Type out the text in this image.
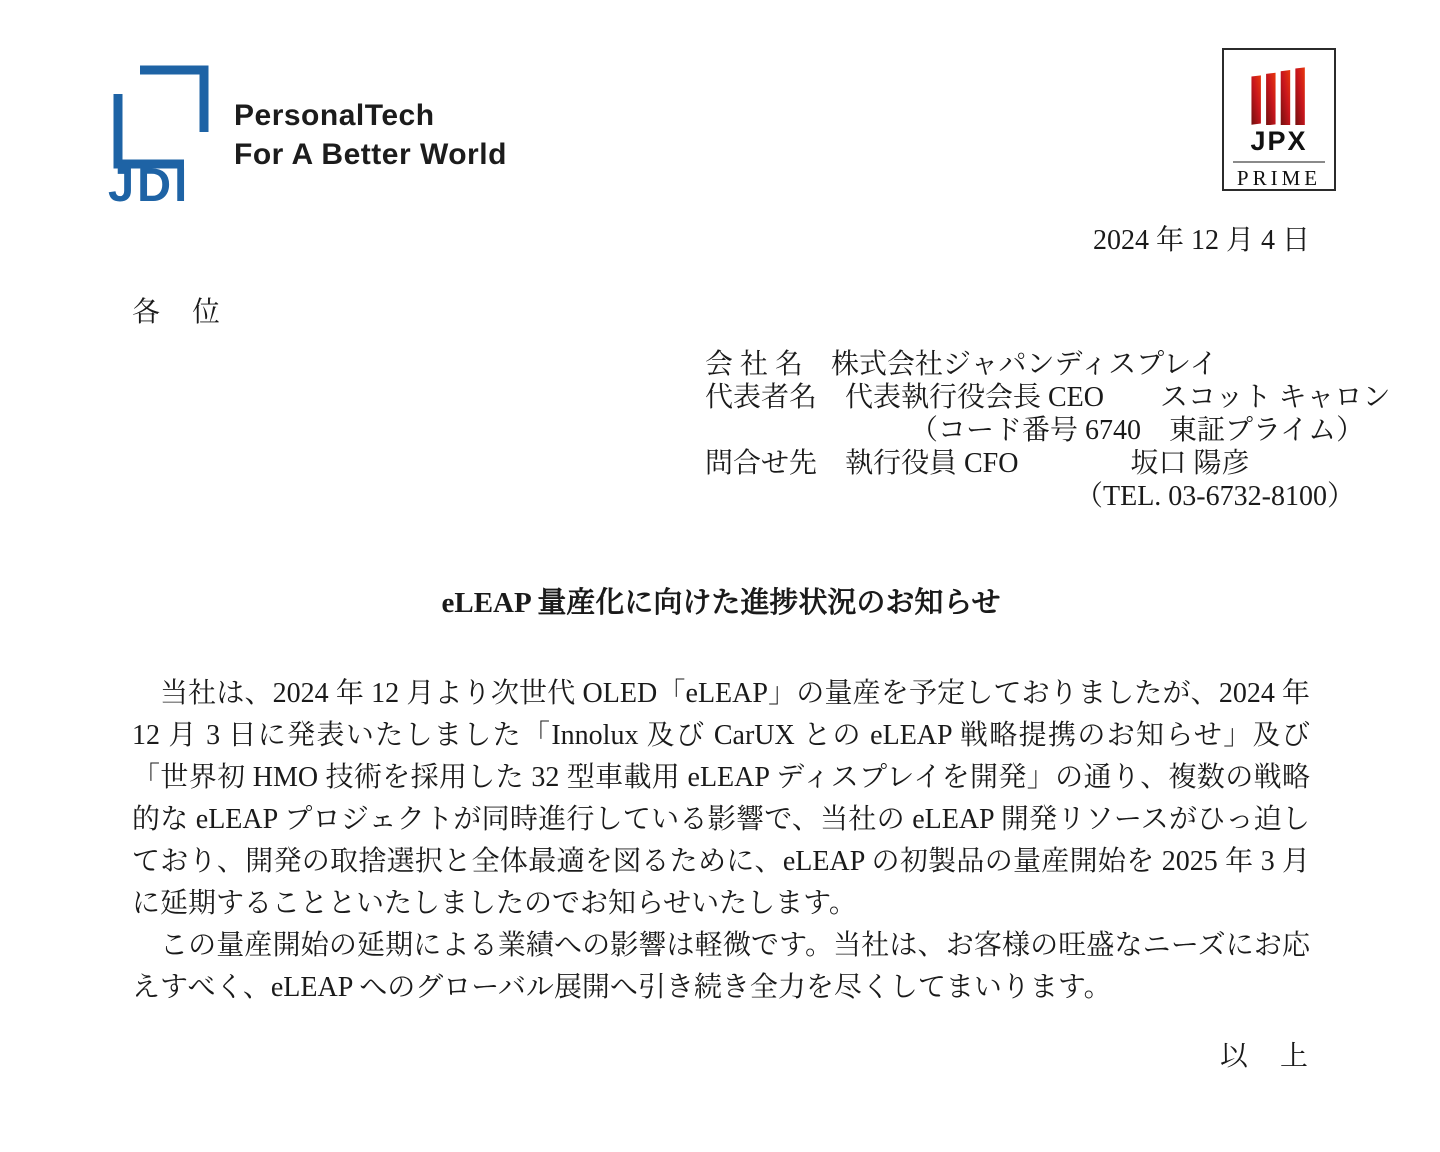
JDI
PersonalTech
For A Better World	JPX
PRIME
2024 年 12 月 4 日
各　位
会 社 名　株式会社ジャパンディスプレイ
代表者名　代表執行役会長 CEO　　スコット キャロン
（コード番号 6740　東証プライム）
問合せ先　執行役員 CFO　　　　坂口 陽彦
（TEL. 03-6732-8100）
eLEAP 量産化に向けた進捗状況のお知らせ

当社は、2024 年 12 月より次世代 OLED「eLEAP」の量産を予定しておりましたが、2024 年 12 月 3 日に発表いたしました「Innolux 及び CarUX との eLEAP 戦略提携のお知らせ」及び「世界初 HMO 技術を採用した 32 型車載用 eLEAP ディスプレイを開発」の通り、複数の戦略的な eLEAP プロジェクトが同時進行している影響で、当社の eLEAP 開発リソースがひっ迫しており、開発の取捨選択と全体最適を図るために、eLEAP の初製品の量産開始を 2025 年 3 月に延期することといたしましたのでお知らせいたします。

この量産開始の延期による業績への影響は軽微です。当社は、お客様の旺盛なニーズにお応えすべく、eLEAP へのグローバル展開へ引き続き全力を尽くしてまいります。

以　上
